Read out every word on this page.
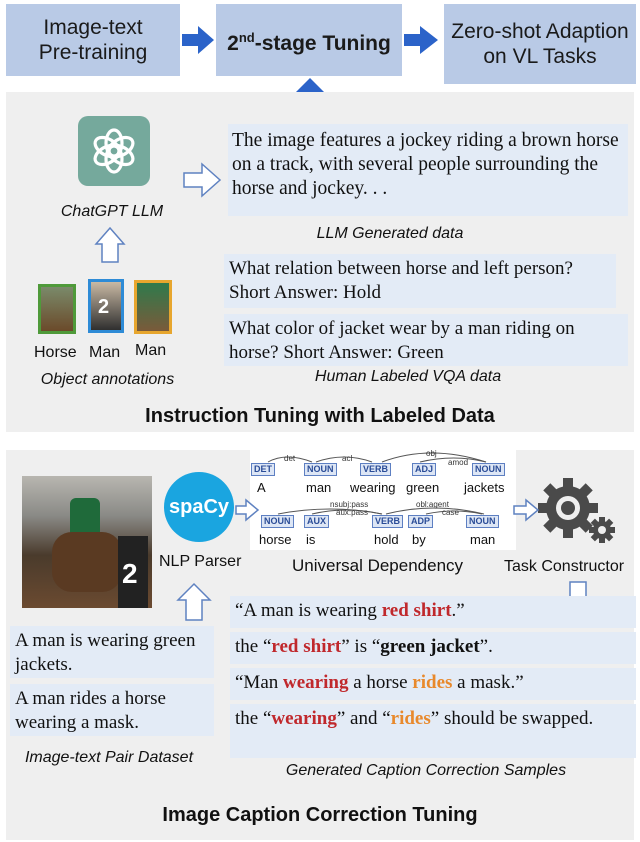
Image-text Pre-training	2nd-stage Tuning	Zero-shot Adaption on VL Tasks
ChatGPT LLM
2
Horse Man Man
Object annotations
The image features a jockey riding a brown horse on a track, with several people surrounding the horse and jockey. . .
LLM Generated data
What relation between horse and left person? Short Answer: Hold
What color of jacket wear by a man riding on horse? Short Answer: Green
Human Labeled VQA data
Instruction Tuning with Labeled Data
2
spaCy
NLP Parser
det	acl
obj
amod
nsubj:pass
aux:pass
obl:agent
case
DET	NOUN	VERB	ADJ	NOUN
A	man wearing green jackets
NOUN	AUX	VERB	ADP	NOUN
horse is	hold by	man
Universal Dependency	Task Constructor
A man is wearing green jackets.
A man rides a horse wearing a mask.
Image-text Pair Dataset
“A man is wearing red shirt.”
the “red shirt” is “green jacket”.
“Man wearing a horse rides a mask.”
the “wearing” and “rides” should be swapped.
Generated Caption Correction Samples
Image Caption Correction Tuning
